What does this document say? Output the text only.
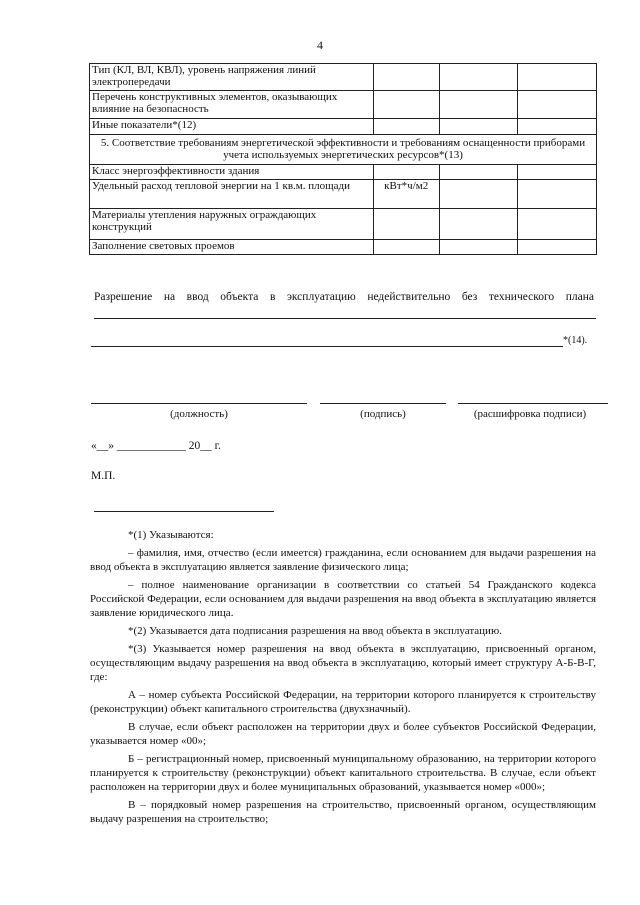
4
Тип (КЛ, ВЛ, КВЛ), уровень напряжения линий электропередачи			
Перечень конструктивных элементов, оказывающих влияние на безопасность			
Иные показатели*(12)			
5. Соответствие требованиям энергетической эффективности и требованиям оснащенности приборами учета используемых энергетических ресурсов*(13)			
Класс энергоэффективности здания			
Удельный расход тепловой энергии на 1 кв.м. площади	кВт*ч/м2		
Материалы утепления наружных ограждающих конструкций			
Заполнение световых проемов			
Разрешение на ввод объекта в эксплуатацию недействительно без технического плана
*(14).
(должность)	(подпись)	(расшифровка подписи)
«__» ____________ 20__ г.
М.П.

*(1) Указываются:

– фамилия, имя, отчество (если имеется) гражданина, если основанием для выдачи разрешения на ввод объекта в эксплуатацию является заявление физического лица;

– полное наименование организации в соответствии со статьей 54 Гражданского кодекса Российской Федерации, если основанием для выдачи разрешения на ввод объекта в эксплуатацию является заявление юридического лица.

*(2) Указывается дата подписания разрешения на ввод объекта в эксплуатацию.

*(3) Указывается номер разрешения на ввод объекта в эксплуатацию, присвоенный органом, осуществляющим выдачу разрешения на ввод объекта в эксплуатацию, который имеет структуру А-Б-В-Г, где:

А – номер субъекта Российской Федерации, на территории которого планируется к строительству (реконструкции) объект капитального строительства (двухзначный).

В случае, если объект расположен на территории двух и более субъектов Российской Федерации, указывается номер «00»;

Б – регистрационный номер, присвоенный муниципальному образованию, на территории которого планируется к строительству (реконструкции) объект капитального строительства. В случае, если объект расположен на территории двух и более муниципальных образований, указывается номер «000»;

В – порядковый номер разрешения на строительство, присвоенный органом, осуществляющим выдачу разрешения на строительство;
